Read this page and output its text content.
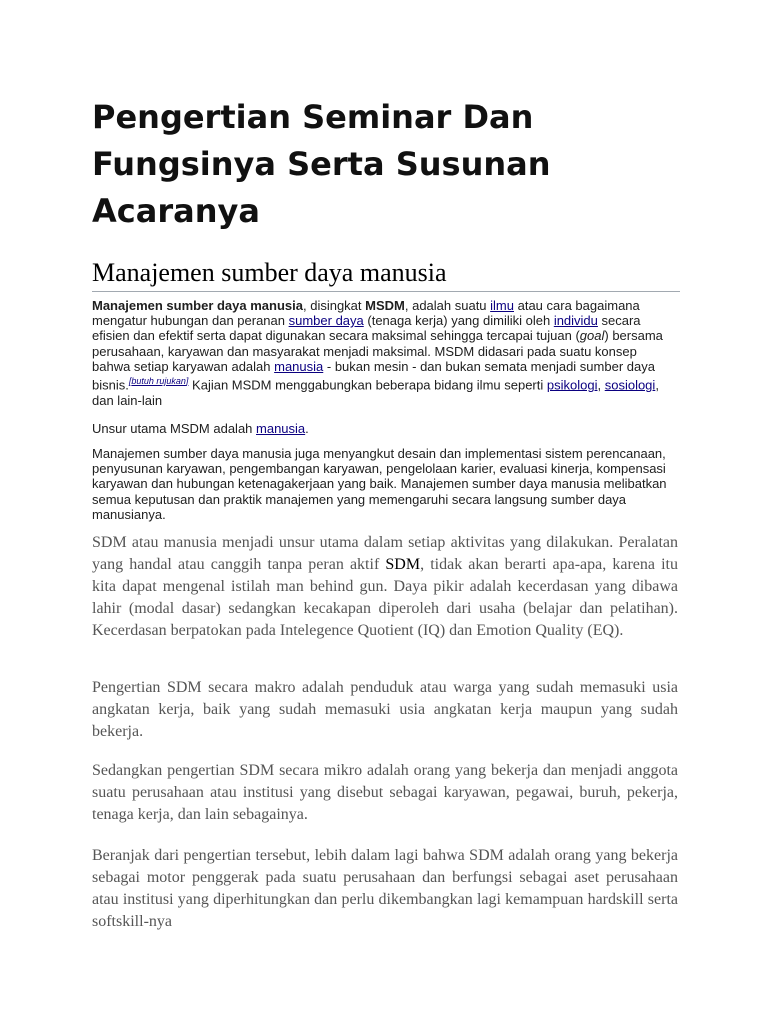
Pengertian Seminar Dan Fungsinya Serta Susunan Acaranya
Manajemen sumber daya manusia

Manajemen sumber daya manusia, disingkat MSDM, adalah suatu ilmu atau cara bagaimana mengatur hubungan dan peranan sumber daya (tenaga kerja) yang dimiliki oleh individu secara efisien dan efektif serta dapat digunakan secara maksimal sehingga tercapai tujuan (goal) bersama perusahaan, karyawan dan masyarakat menjadi maksimal. MSDM didasari pada suatu konsep bahwa setiap karyawan adalah manusia - bukan mesin - dan bukan semata menjadi sumber daya bisnis.[butuh rujukan] Kajian MSDM menggabungkan beberapa bidang ilmu seperti psikologi, sosiologi, dan lain-lain

Unsur utama MSDM adalah manusia.

Manajemen sumber daya manusia juga menyangkut desain dan implementasi sistem perencanaan, penyusunan karyawan, pengembangan karyawan, pengelolaan karier, evaluasi kinerja, kompensasi karyawan dan hubungan ketenagakerjaan yang baik. Manajemen sumber daya manusia melibatkan semua keputusan dan praktik manajemen yang memengaruhi secara langsung sumber daya manusianya.

SDM atau manusia menjadi unsur utama dalam setiap aktivitas yang dilakukan. Peralatan yang handal atau canggih tanpa peran aktif SDM, tidak akan berarti apa-apa, karena itu kita dapat mengenal istilah man behind gun. Daya pikir adalah kecerdasan yang dibawa lahir (modal dasar) sedangkan kecakapan diperoleh dari usaha (belajar dan pelatihan). Kecerdasan berpatokan pada Intelegence Quotient (IQ) dan Emotion Quality (EQ).

Pengertian SDM secara makro adalah penduduk atau warga yang sudah memasuki usia angkatan kerja, baik yang sudah memasuki usia angkatan kerja maupun yang sudah bekerja.

Sedangkan pengertian SDM secara mikro adalah orang yang bekerja dan menjadi anggota suatu perusahaan atau institusi yang disebut sebagai karyawan, pegawai, buruh, pekerja, tenaga kerja, dan lain sebagainya.

Beranjak dari pengertian tersebut, lebih dalam lagi bahwa SDM adalah orang yang bekerja sebagai motor penggerak pada suatu perusahaan dan berfungsi sebagai aset perusahaan atau institusi yang diperhitungkan dan perlu dikembangkan lagi kemampuan hardskill serta softskill-nya
